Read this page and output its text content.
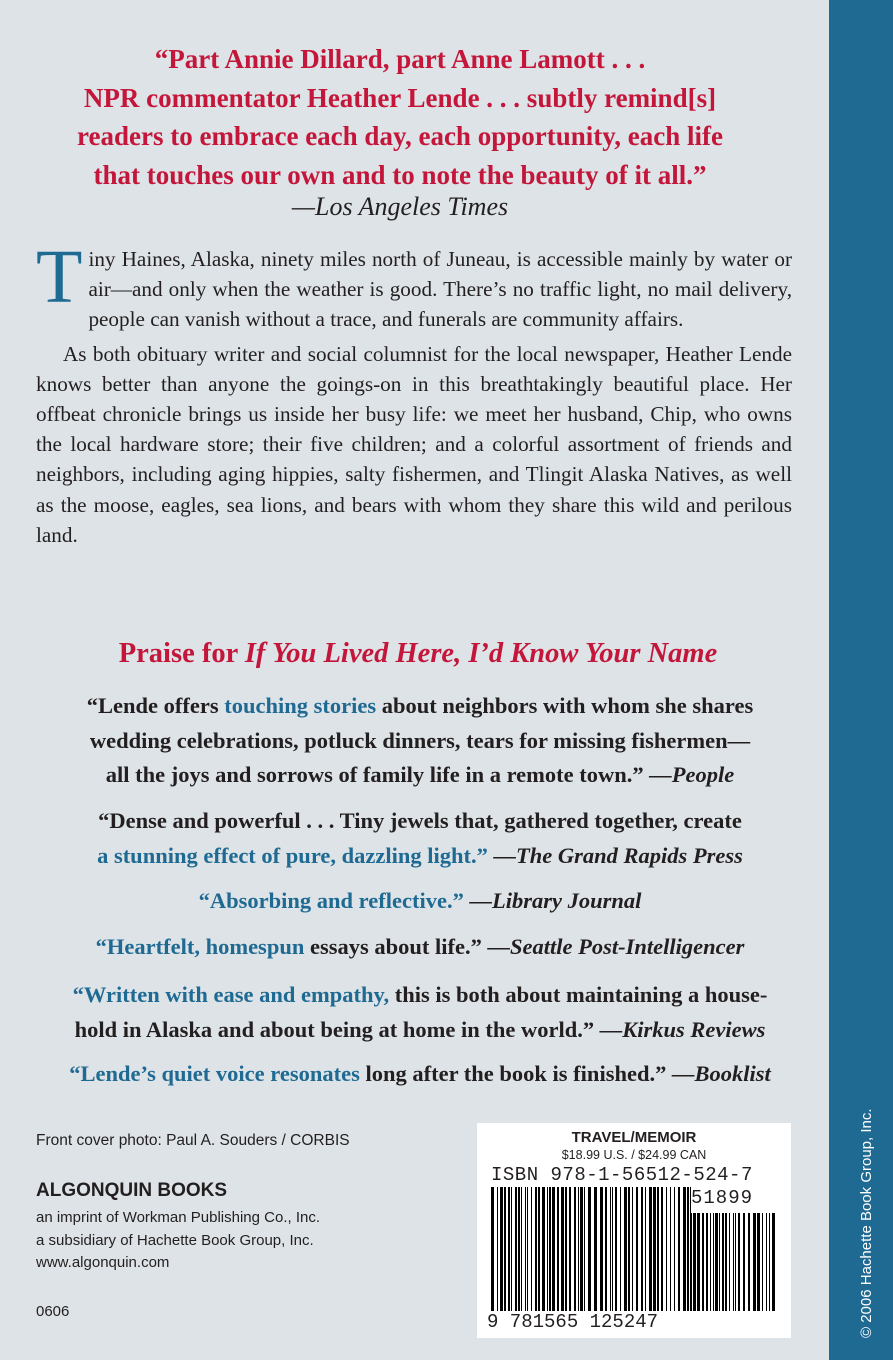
© 2006 Hachette Book Group, Inc.

“Part Annie Dillard, part Anne Lamott . . .

NPR commentator Heather Lende . . . subtly remind[s]

readers to embrace each day, each opportunity, each life

that touches our own and to note the beauty of it all.”

—Los Angeles Times

Tiny Haines, Alaska, ninety miles north of Juneau, is accessible mainly by water or air—and only when the weather is good. There’s no traffic light, no mail delivery, people can vanish without a trace, and funerals are community affairs.

As both obituary writer and social columnist for the local newspaper, Heather Lende knows better than anyone the goings-on in this breathtakingly beautiful place. Her offbeat chronicle brings us inside her busy life: we meet her husband, Chip, who owns the local hardware store; their five children; and a colorful assortment of friends and neighbors, including aging hippies, salty fishermen, and Tlingit Alaska Natives, as well as the moose, eagles, sea lions, and bears with whom they share this wild and perilous land.

Praise for If You Lived Here, I’d Know Your Name

“Lende offers touching stories about neighbors with whom she shares

wedding celebrations, potluck dinners, tears for missing fishermen—

all the joys and sorrows of family life in a remote town.” —People

“Dense and powerful . . . Tiny jewels that, gathered together, create

a stunning effect of pure, dazzling light.” —The Grand Rapids Press

“Absorbing and reflective.” —Library Journal

“Heartfelt, homespun essays about life.” —Seattle Post-Intelligencer

“Written with ease and empathy, this is both about maintaining a house-

hold in Alaska and about being at home in the world.” —Kirkus Reviews

“Lende’s quiet voice resonates long after the book is finished.” —Booklist

Front cover photo: Paul A. Souders / CORBIS
ALGONQUIN BOOKS
an imprint of Workman Publishing Co., Inc.
a subsidiary of Hachette Book Group, Inc.
www.algonquin.com
0606
TRAVEL/MEMOIR
$18.99 U.S. / $24.99 CAN
ISBN 978-1-56512-524-7
51899
9 781565 125247
